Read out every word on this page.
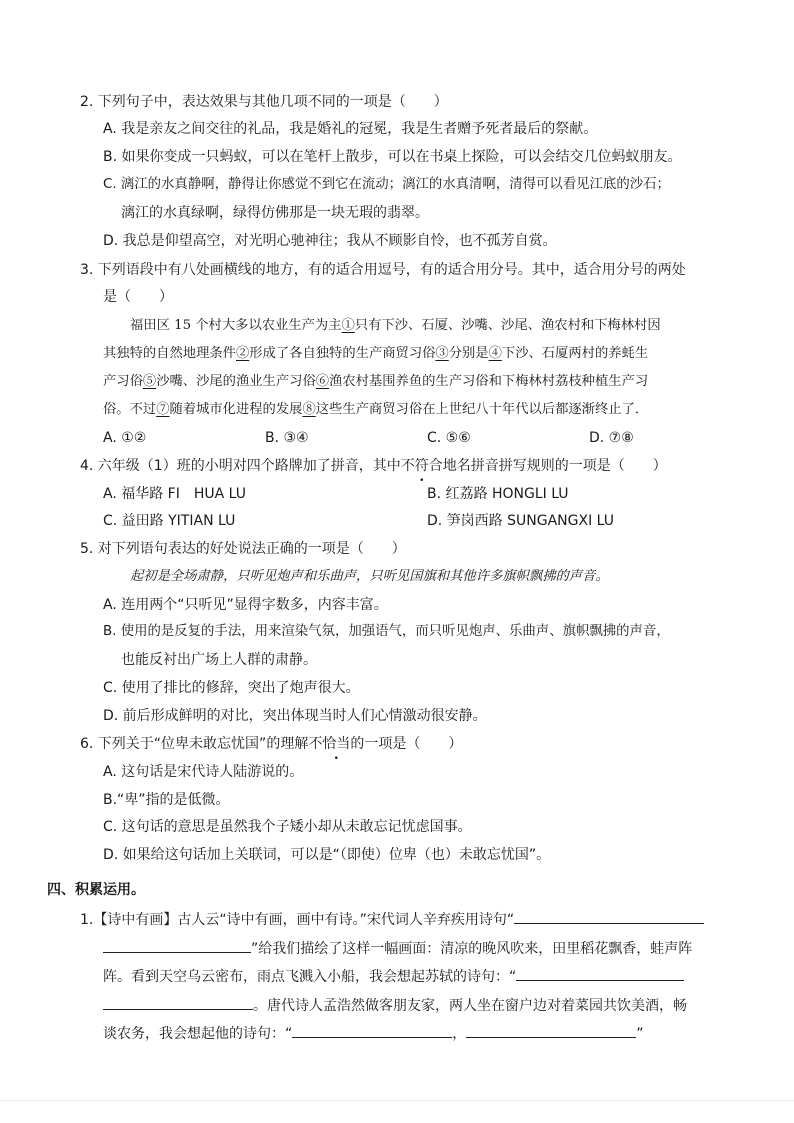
2. 下列句子中，表达效果与其他几项不同的一项是（　　）
A. 我是亲友之间交往的礼品，我是婚礼的冠冕，我是生者赠予死者最后的祭献。
B. 如果你变成一只蚂蚁，可以在笔杆上散步，可以在书桌上探险，可以会结交几位蚂蚁朋友。
C. 漓江的水真静啊，静得让你感觉不到它在流动；漓江的水真清啊，清得可以看见江底的沙石；
漓江的水真绿啊，绿得仿佛那是一块无瑕的翡翠。
D. 我总是仰望高空，对光明心驰神往；我从不顾影自怜，也不孤芳自赏。
3. 下列语段中有八处画横线的地方，有的适合用逗号，有的适合用分号。其中，适合用分号的两处
是（　　）
福田区 15 个村大多以农业生产为主①只有下沙、石厦、沙嘴、沙尾、渔农村和下梅林村因
其独特的自然地理条件②形成了各自独特的生产商贸习俗③分别是④下沙、石厦两村的养蚝生
产习俗⑤沙嘴、沙尾的渔业生产习俗⑥渔农村基围养鱼的生产习俗和下梅林村荔枝种植生产习
俗。不过⑦随着城市化进程的发展⑧这些生产商贸习俗在上世纪八十年代以后都逐渐终止了．
A. ①②	B. ③④	C. ⑤⑥	D. ⑦⑧
4. 六年级（1）班的小明对四个路牌加了拼音，其中不符合地名拼音拼写规则的一项是（　　）
A. 福华路 FI　HUA LU	B. 红荔路 HONGLI LU
C. 益田路 YITIAN LU	D. 笋岗西路 SUNGANGXI LU
5. 对下列语句表达的好处说法正确的一项是（　　）
起初是全场肃静，只听见炮声和乐曲声，只听见国旗和其他许多旗帜飘拂的声音。
A. 连用两个“只听见”显得字数多，内容丰富。
B. 使用的是反复的手法，用来渲染气氛，加强语气，而只听见炮声、乐曲声、旗帜飘拂的声音，
也能反衬出广场上人群的肃静。
C. 使用了排比的修辞，突出了炮声很大。
D. 前后形成鲜明的对比，突出体现当时人们心情激动很安静。
6. 下列关于“位卑未敢忘忧国”的理解不恰当的一项是（　　）
A. 这句话是宋代诗人陆游说的。
B.“卑”指的是低微。
C. 这句话的意思是虽然我个子矮小却从未敢忘记忧虑国事。
D. 如果给这句话加上关联词，可以是“（即使）位卑（也）未敢忘忧国”。
四、积累运用。
1.【诗中有画】古人云“诗中有画，画中有诗。”宋代词人辛弃疾用诗句“
”给我们描绘了这样一幅画面：清凉的晚风吹来，田里稻花飘香，蛙声阵
阵。看到天空乌云密布，雨点飞溅入小船，我会想起苏轼的诗句：“
。唐代诗人孟浩然做客朋友家，两人坐在窗户边对着菜园共饮美酒，畅
谈农务，我会想起他的诗句：“	，	”
